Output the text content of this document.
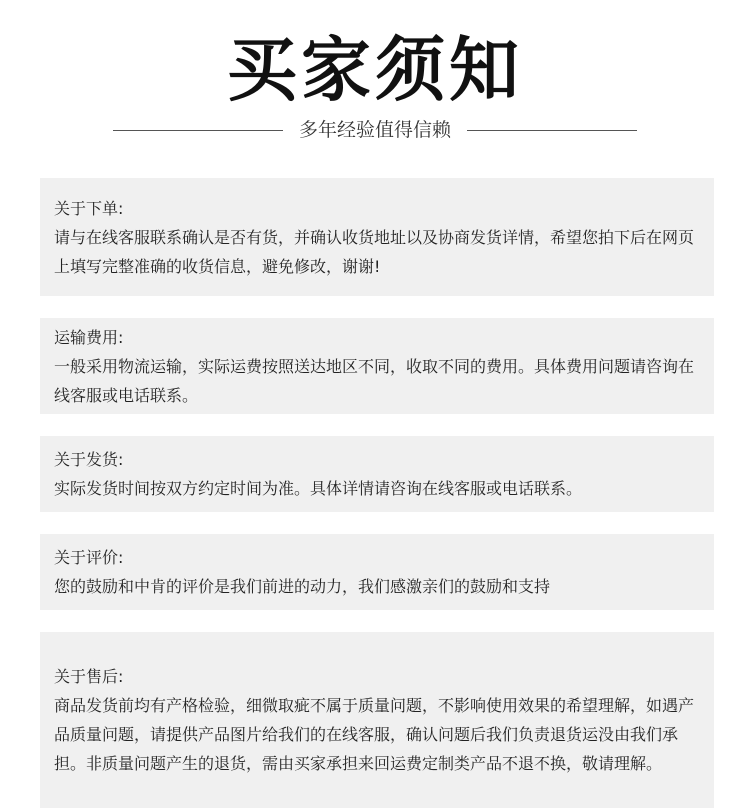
买家须知
多年经验值得信赖
关于下单:
请与在线客服联系确认是否有货，并确认收货地址以及协商发货详情，希望您拍下后在网页上填写完整准确的收货信息，避免修改，谢谢!
运输费用:
一般采用物流运输，实际运费按照送达地区不同，收取不同的费用。具体费用问题请咨询在线客服或电话联系。
关于发货:
实际发货时间按双方约定时间为准。具体详情请咨询在线客服或电话联系。
关于评价:
您的鼓励和中肯的评价是我们前进的动力，我们感激亲们的鼓励和支持
关于售后:
商品发货前均有产格检验，细微取疵不属于质量问题，不影响使用效果的希望理解，如遇产品质量问题，请提供产品图片给我们的在线客服，确认问题后我们负责退货运没由我们承担。非质量问题产生的退货，需由买家承担来回运费定制类产品不退不换，敬请理解。
